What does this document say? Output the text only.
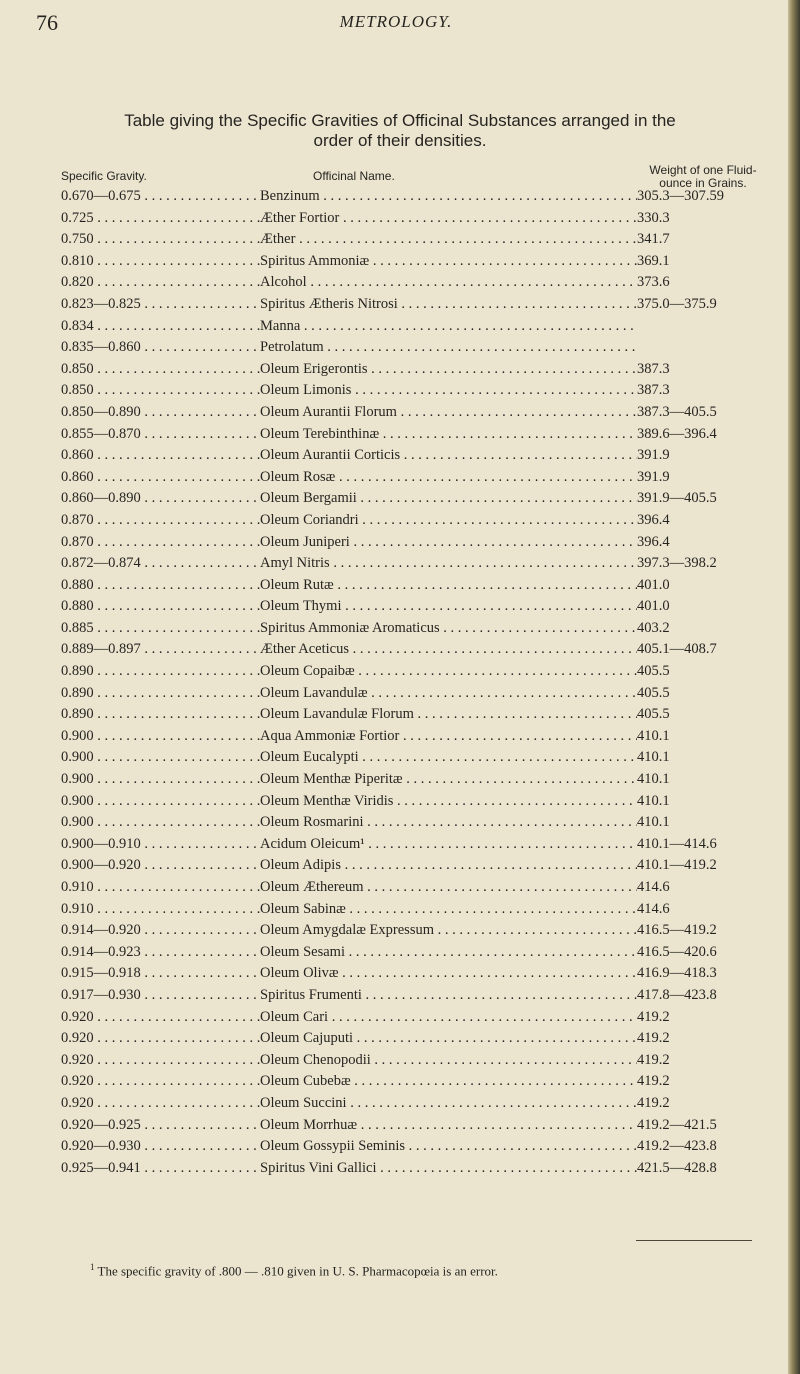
76	METROLOGY.
Table giving the Specific Gravities of Officinal Substances arranged in the
order of their densities.
Specific Gravity.	Officinal Name.	Weight of one Fluid-
ounce in Grains.
0.670—0.675 . . .	Benzinum . . .	305.3—307.59
0.725 . . .	Æther Fortior . . .	330.3
0.750 . . .	Æther . . .	341.7
0.810 . . .	Spiritus Ammoniæ . . .	369.1
0.820 . . .	Alcohol . . .	373.6
0.823—0.825 . . .	Spiritus Ætheris Nitrosi . . .	375.0—375.9
0.834 . . .	Manna . . .
0.835—0.860 . . .	Petrolatum . . .
0.850 . . .	Oleum Erigerontis . . .	387.3
0.850 . . .	Oleum Limonis . . .	387.3
0.850—0.890 . . .	Oleum Aurantii Florum . . .	387.3—405.5
0.855—0.870 . . .	Oleum Terebinthinæ . . .	389.6—396.4
0.860 . . .	Oleum Aurantii Corticis . . .	391.9
0.860 . . .	Oleum Rosæ . . .	391.9
0.860—0.890 . . .	Oleum Bergamii . . .	391.9—405.5
0.870 . . .	Oleum Coriandri . . .	396.4
0.870 . . .	Oleum Juniperi . . .	396.4
0.872—0.874 . . .	Amyl Nitris . . .	397.3—398.2
0.880 . . .	Oleum Rutæ . . .	401.0
0.880 . . .	Oleum Thymi . . .	401.0
0.885 . . .	Spiritus Ammoniæ Aromaticus . . .	403.2
0.889—0.897 . . .	Æther Aceticus . . .	405.1—408.7
0.890 . . .	Oleum Copaibæ . . .	405.5
0.890 . . .	Oleum Lavandulæ . . .	405.5
0.890 . . .	Oleum Lavandulæ Florum . . .	405.5
0.900 . . .	Aqua Ammoniæ Fortior . . .	410.1
0.900 . . .	Oleum Eucalypti . . .	410.1
0.900 . . .	Oleum Menthæ Piperitæ . . .	410.1
0.900 . . .	Oleum Menthæ Viridis . . .	410.1
0.900 . . .	Oleum Rosmarini . . .	410.1
0.900—0.910 . . .	Acidum Oleicum¹ . . .	410.1—414.6
0.900—0.920 . . .	Oleum Adipis . . .	410.1—419.2
0.910 . . .	Oleum Æthereum . . .	414.6
0.910 . . .	Oleum Sabinæ . . .	414.6
0.914—0.920 . . .	Oleum Amygdalæ Expressum . . .	416.5—419.2
0.914—0.923 . . .	Oleum Sesami . . .	416.5—420.6
0.915—0.918 . . .	Oleum Olivæ . . .	416.9—418.3
0.917—0.930 . . .	Spiritus Frumenti . . .	417.8—423.8
0.920 . . .	Oleum Cari . . .	419.2
0.920 . . .	Oleum Cajuputi . . .	419.2
0.920 . . .	Oleum Chenopodii . . .	419.2
0.920 . . .	Oleum Cubebæ . . .	419.2
0.920 . . .	Oleum Succini . . .	419.2
0.920—0.925 . . .	Oleum Morrhuæ . . .	419.2—421.5
0.920—0.930 . . .	Oleum Gossypii Seminis . . .	419.2—423.8
0.925—0.941 . . .	Spiritus Vini Gallici . . .	421.5—428.8
$^1$ The specific gravity of .800 — .810 given in U. S. Pharmacopœia is an error.
